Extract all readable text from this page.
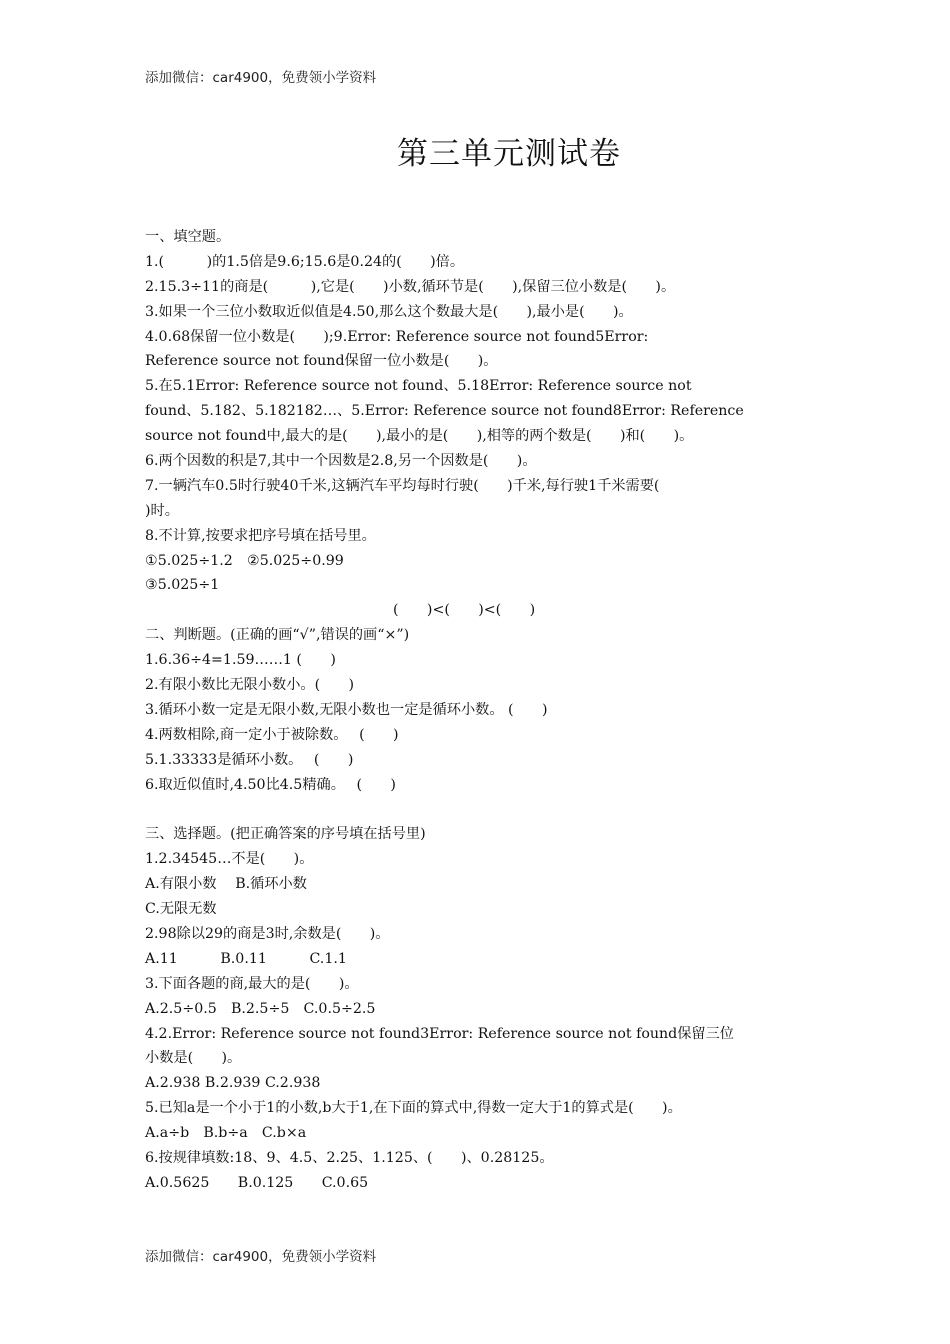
添加微信：car4900，免费领小学资料
第三单元测试卷
一、填空题。
1.(　　　)的1.5倍是9.6;15.6是0.24的(　　)倍。
2.15.3÷11的商是(　　　),它是(　　)小数,循环节是(　　),保留三位小数是(　　)。
3.如果一个三位小数取近似值是4.50,那么这个数最大是(　　),最小是(　　)。
4.0.68保留一位小数是(　　);9.Error: Reference source not found5Error:
Reference source not found保留一位小数是(　　)。
5.在5.1Error: Reference source not found、5.18Error: Reference source not
found、5.182、5.182182…、5.Error: Reference source not found8Error: Reference
source not found中,最大的是(　　),最小的是(　　),相等的两个数是(　　)和(　　)。
6.两个因数的积是7,其中一个因数是2.8,另一个因数是(　　)。
7.一辆汽车0.5时行驶40千米,这辆汽车平均每时行驶(　　)千米,每行驶1千米需要(
)时。
8.不计算,按要求把序号填在括号里。
①5.025÷1.2　②5.025÷0.99
③5.025÷1
(　　)<(　　)<(　　)
二、判断题。(正确的画“√”,错误的画“×”)
1.6.36÷4=1.59……1 (　　)
2.有限小数比无限小数小。(　　)
3.循环小数一定是无限小数,无限小数也一定是循环小数。 (　　)
4.两数相除,商一定小于被除数。　 (　　)
5.1.33333是循环小数。　 (　　)
6.取近似值时,4.50比4.5精确。　 (　　)
三、选择题。(把正确答案的序号填在括号里)
1.2.34545…不是(　　)。
A.有限小数　 B.循环小数
C.无限无数
2.98除以29的商是3时,余数是(　　)。
A.11　　　B.0.11　　　C.1.1
3.下面各题的商,最大的是(　　)。
A.2.5÷0.5　B.2.5÷5　C.0.5÷2.5
4.2.Error: Reference source not found3Error: Reference source not found保留三位
小数是(　　)。
A.2.938 B.2.939 C.2.938
5.已知a是一个小于1的小数,b大于1,在下面的算式中,得数一定大于1的算式是(　　)。
A.a÷b　B.b÷a　C.b×a
6.按规律填数:18、9、4.5、2.25、1.125、(　　)、0.28125。
A.0.5625　　B.0.125　　C.0.65
添加微信：car4900，免费领小学资料
